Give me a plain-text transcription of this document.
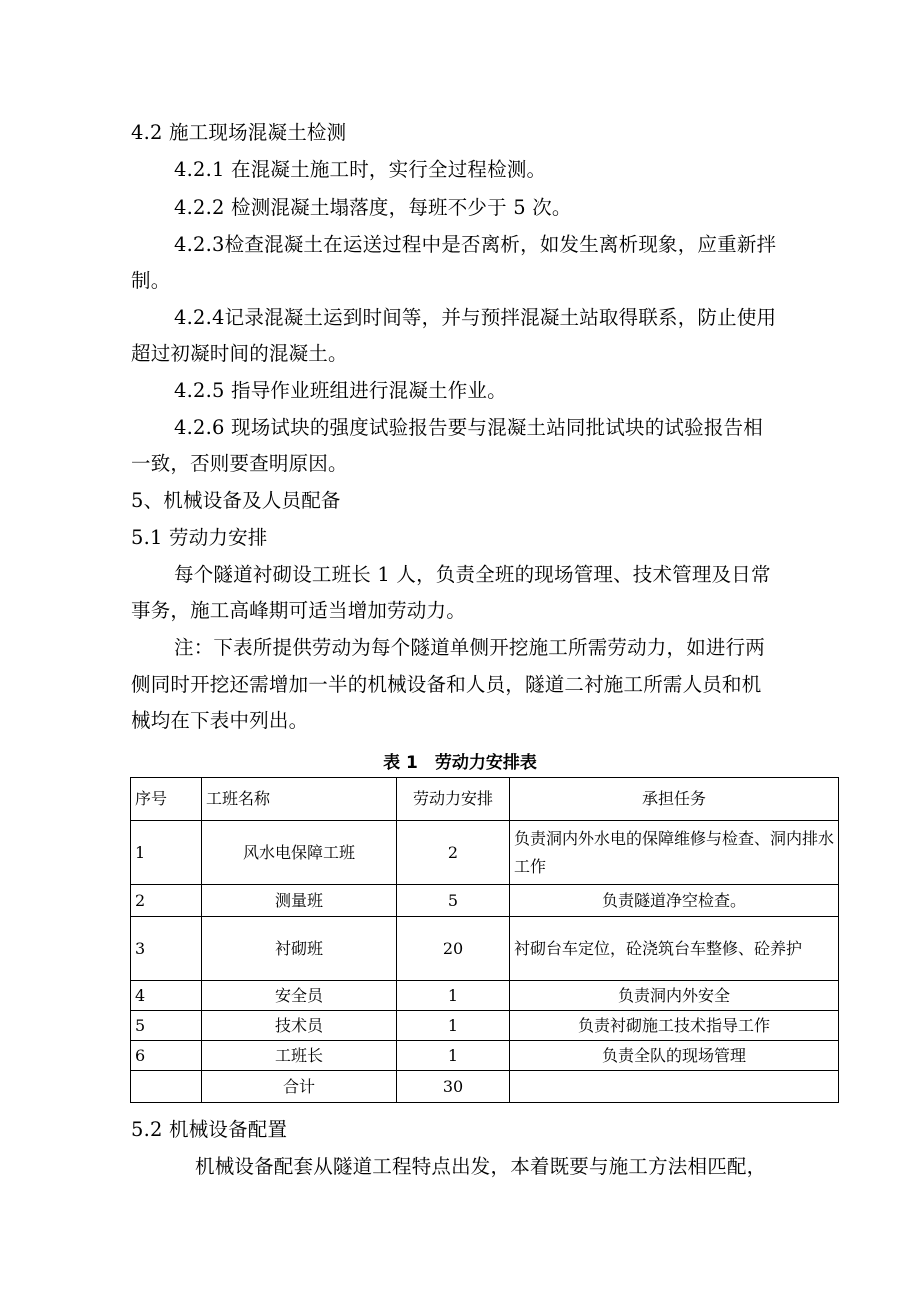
4.2 施工现场混凝土检测
4.2.1 在混凝土施工时，实行全过程检测。
4.2.2 检测混凝土塌落度，每班不少于 5 次。
4.2.3检查混凝土在运送过程中是否离析，如发生离析现象，应重新拌
制。
4.2.4记录混凝土运到时间等，并与预拌混凝土站取得联系，防止使用
超过初凝时间的混凝土。
4.2.5 指导作业班组进行混凝土作业。
4.2.6 现场试块的强度试验报告要与混凝土站同批试块的试验报告相
一致，否则要查明原因。
5、机械设备及人员配备
5.1 劳动力安排
每个隧道衬砌设工班长 1 人，负责全班的现场管理、技术管理及日常
事务，施工高峰期可适当增加劳动力。
注：下表所提供劳动为每个隧道单侧开挖施工所需劳动力，如进行两
侧同时开挖还需增加一半的机械设备和人员，隧道二衬施工所需人员和机
械均在下表中列出。
表 1　劳动力安排表
序号	工班名称	劳动力安排	承担任务
1	风水电保障工班	2	负责洞内外水电的保障维修与检查、洞内排水工作
2	测量班	5	负责隧道净空检查。
3	衬砌班	20	衬砌台车定位，砼浇筑台车整修、砼养护
4	安全员	1	负责洞内外安全
5	技术员	1	负责衬砌施工技术指导工作
6	工班长	1	负责全队的现场管理
	合计	30	
5.2 机械设备配置
机械设备配套从隧道工程特点出发，本着既要与施工方法相匹配，
